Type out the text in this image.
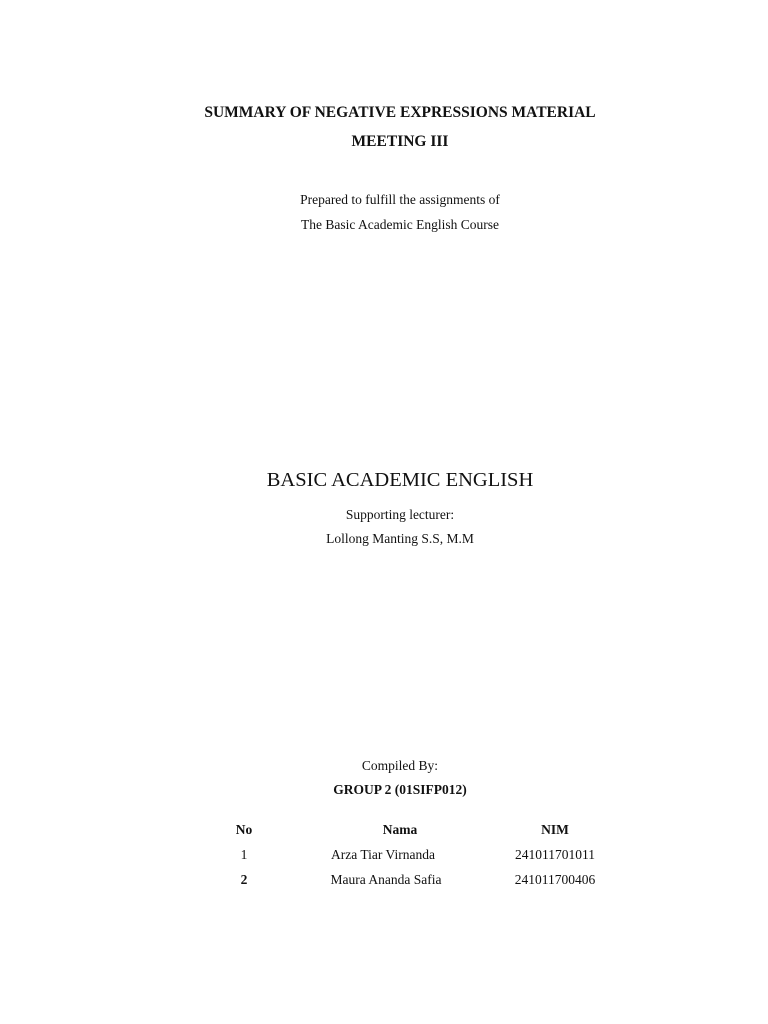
SUMMARY OF NEGATIVE EXPRESSIONS MATERIAL
MEETING III
Prepared to fulfill the assignments of
The Basic Academic English Course
BASIC ACADEMIC ENGLISH
Supporting lecturer:
Lollong Manting S.S, M.M
Compiled By:
GROUP 2 (01SIFP012)
No	Nama	NIM
1	Arza Tiar Virnanda	241011701011
2	Maura Ananda Safia	241011700406
